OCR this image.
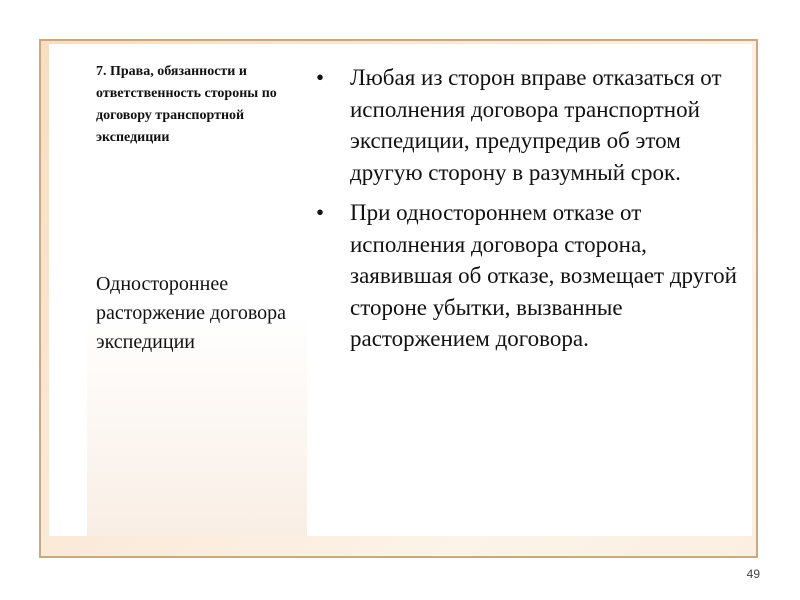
7. Права, обязанности и ответственность стороны по договору транспортной экспедиции
Одностороннее расторжение договора экспедиции
•	Любая из сторон вправе отказаться от исполнения договора транспортной экспедиции, предупредив об этом другую сторону в разумный срок.
•	При одностороннем отказе от исполнения договора сторона, заявившая об отказе, возмещает другой стороне убытки, вызванные расторжением договора.
49
